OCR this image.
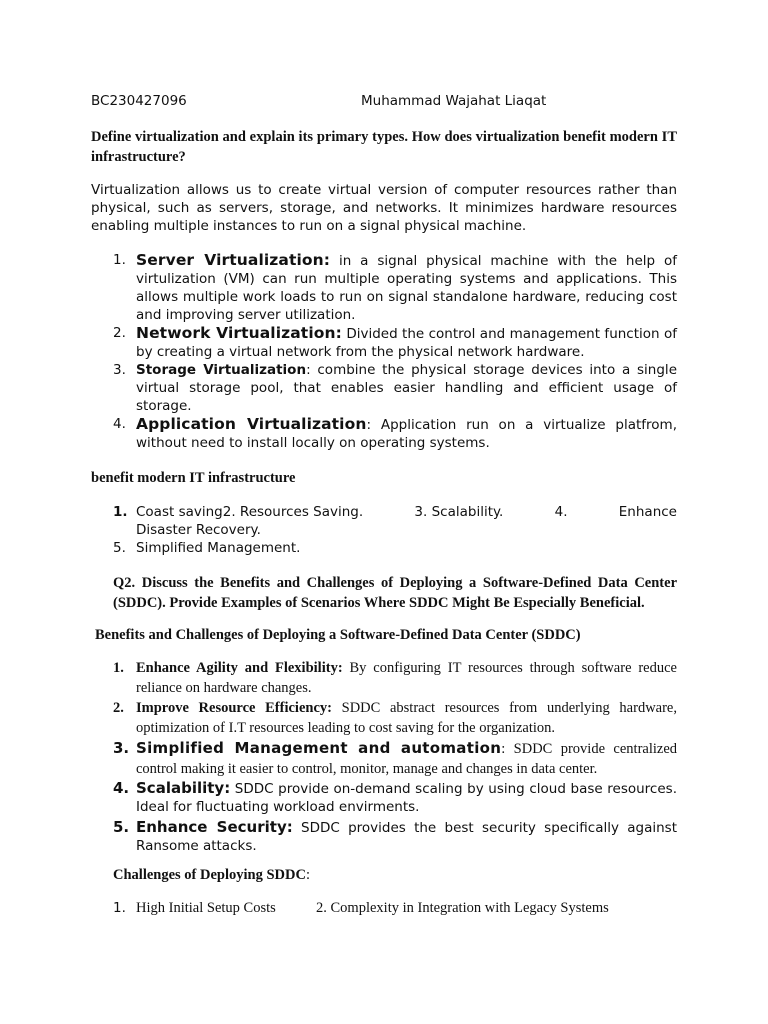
BC230427096	Muhammad Wajahat Liaqat
Define virtualization and explain its primary types. How does virtualization benefit modern IT infrastructure?
Virtualization allows us to create virtual version of computer resources rather than physical, such as servers, storage, and networks. It minimizes hardware resources enabling multiple instances to run on a signal physical machine.
1. Server Virtualization: in a signal physical machine with the help of virtulization (VM) can run multiple operating systems and applications. This allows multiple work loads to run on signal standalone hardware, reducing cost and improving server utilization.
2. Network Virtualization: Divided the control and management function of by creating a virtual network from the physical network hardware.
3. Storage Virtualization: combine the physical storage devices into a single virtual storage pool, that enables easier handling and efficient usage of storage.
4. Application Virtualization: Application run on a virtualize platfrom, without need to install locally on operating systems.
benefit modern IT infrastructure
1. Coast saving2. Resources Saving.	3. Scalability.	4.	Enhance
Disaster Recovery.
5. Simplified Management.
Q2. Discuss the Benefits and Challenges of Deploying a Software-Defined Data Center (SDDC). Provide Examples of Scenarios Where SDDC Might Be Especially Beneficial.
Benefits and Challenges of Deploying a Software-Defined Data Center (SDDC)
1. Enhance Agility and Flexibility: By configuring IT resources through software reduce reliance on hardware changes.
2. Improve Resource Efficiency: SDDC abstract resources from underlying hardware, optimization of I.T resources leading to cost saving for the organization.
3. Simplified Management and automation: SDDC provide centralized control making it easier to control, monitor, manage and changes in data center.
4. Scalability: SDDC provide on-demand scaling by using cloud base resources. Ideal for fluctuating workload envirments.
5. Enhance Security: SDDC provides the best security specifically against Ransome attacks.
Challenges of Deploying SDDC:
1. High Initial Setup Costs	2. Complexity in Integration with Legacy Systems
